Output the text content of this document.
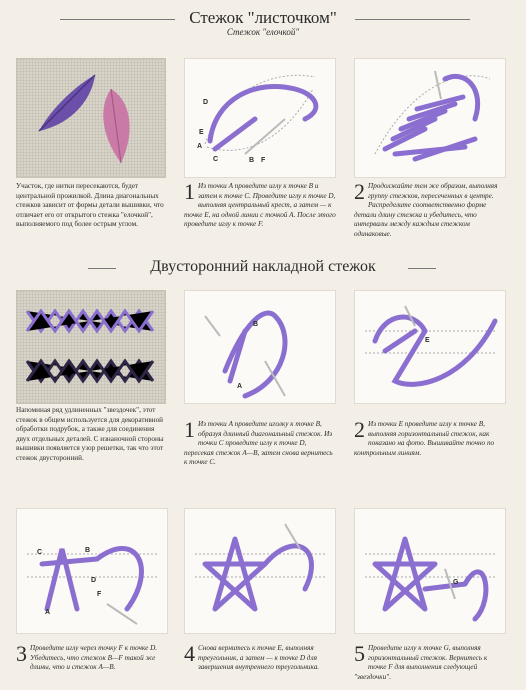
Стежок "листочком"
Стежок "елочкой"
Участок, где нитки пересекаются, будет центральной прожилкой. Длина диагональных стежков зависит от формы детали вышивки, что отличает его от открытого стежка "елочкой", выполняемого под более острым углом.
D
E
A
C	B F
1 Из точки A проведите иглу к точке B и затем к точке C. Проведите иглу к точке D, выполняя центральный крест, а затем — к точке E, на одной линии с точкой A. После этого проведите иглу к точке F.
2 Продолжайте тем же образом, выполняя группу стежков, пересеченных в центре. Распределите соответственно форме детали длину стежка и убедитесь, что интервалы между каждым стежком одинаковые.
Двусторонний накладной стежок
Напоминая ряд удлиненных "звездочек", этот стежок в общем используется для декоративной обработки подрубок, а также для соединения двух отдельных деталей. С изнаночной стороны вышивки появляется узор решетки, так что этот стежок двусторонний.
B
A
1 Из точки A проведите иголку к точке B, образуя длинный диагональный стежок. Из точки C проведите иглу к точке D, пересекая стежок A—B, затем снова вернитесь к точке C.
E
2 Из точки E проведите иглу к точке B, выполняя горизонтальный стежок, как показано на фото. Вышивайте точно по контрольным линиям.
C	B
D
A
F
3 Проведите иглу через точку F к точке D. Убедитесь, что стежок B—F такой же длины, что и стежок A—B.
4 Снова вернитесь к точке E, выполняя треугольник, а затем — к точке D для завершения внутреннего треугольника.
G
5 Проведите иглу к точке G, выполняя горизонтальный стежок. Вернитесь к точке F для выполнения следующей "звездочки".
